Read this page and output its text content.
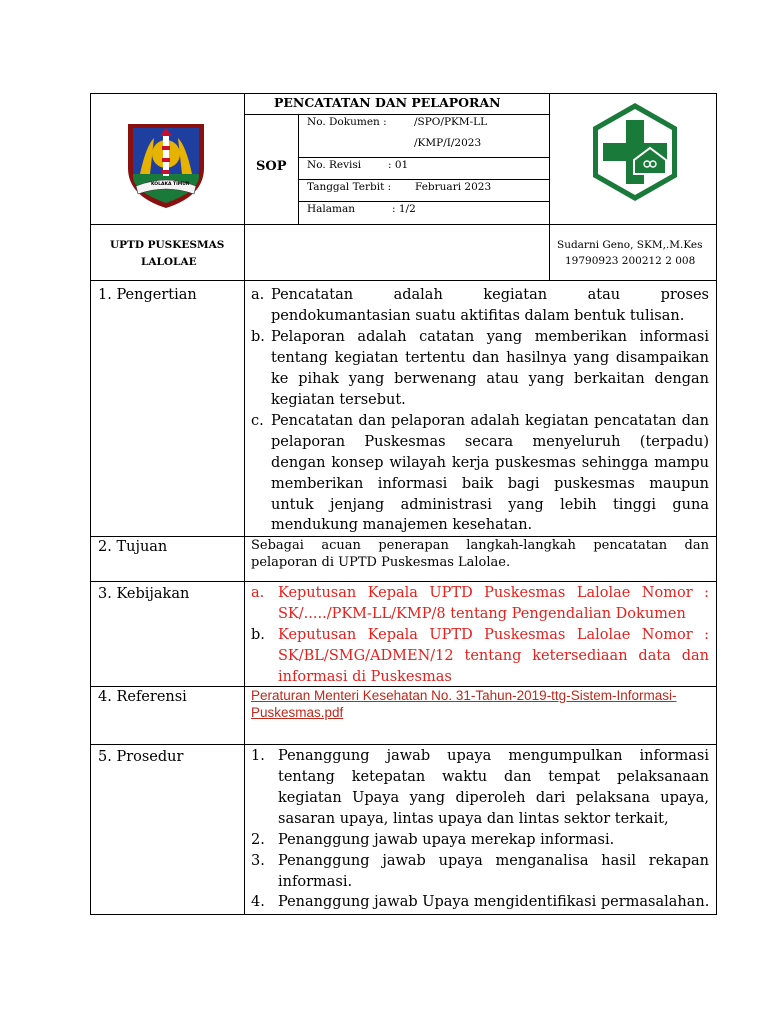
KOLAKA TIMUR
PENCATATAN DAN PELAPORAN
SOP
No. Dokumen :	/SPO/PKM-LL
/KMP/I/2023
No. Revisi	: 01
Tanggal Terbit : Februari 2023
Halaman	: 1/2
UPTD PUSKESMAS
LALOLAE
Sudarni Geno, SKM,.M.Kes
19790923 200212 2 008
1. Pengertian	a. Pencatatan adalah kegiatan atau proses
pendokumantasian suatu aktifitas dalam bentuk tulisan.
b. Pelaporan adalah catatan yang memberikan informasi
tentang kegiatan tertentu dan hasilnya yang disampaikan
ke pihak yang berwenang atau yang berkaitan dengan
kegiatan tersebut.
c. Pencatatan dan pelaporan adalah kegiatan pencatatan dan
pelaporan Puskesmas secara menyeluruh (terpadu)
dengan konsep wilayah kerja puskesmas sehingga mampu
memberikan informasi baik bagi puskesmas maupun
untuk jenjang administrasi yang lebih tinggi guna
mendukung manajemen kesehatan.
2. Tujuan	Sebagai acuan penerapan langkah-langkah pencatatan dan
pelaporan di UPTD Puskesmas Lalolae.
3. Kebijakan	a. Keputusan Kepala UPTD Puskesmas Lalolae Nomor :
SK/...../PKM-LL/KMP/8 tentang Pengendalian Dokumen
b. Keputusan Kepala UPTD Puskesmas Lalolae Nomor :
SK/BL/SMG/ADMEN/12 tentang ketersediaan data dan
informasi di Puskesmas
4. Referensi	Peraturan Menteri Kesehatan No. 31-Tahun-2019-ttg-Sistem-Informasi-
Puskesmas.pdf
5. Prosedur	1. Penanggung jawab upaya mengumpulkan informasi
tentang ketepatan waktu dan tempat pelaksanaan
kegiatan Upaya yang diperoleh dari pelaksana upaya,
sasaran upaya, lintas upaya dan lintas sektor terkait,
2. Penanggung jawab upaya merekap informasi.
3. Penanggung jawab upaya menganalisa hasil rekapan
informasi.
4. Penanggung jawab Upaya mengidentifikasi permasalahan.
